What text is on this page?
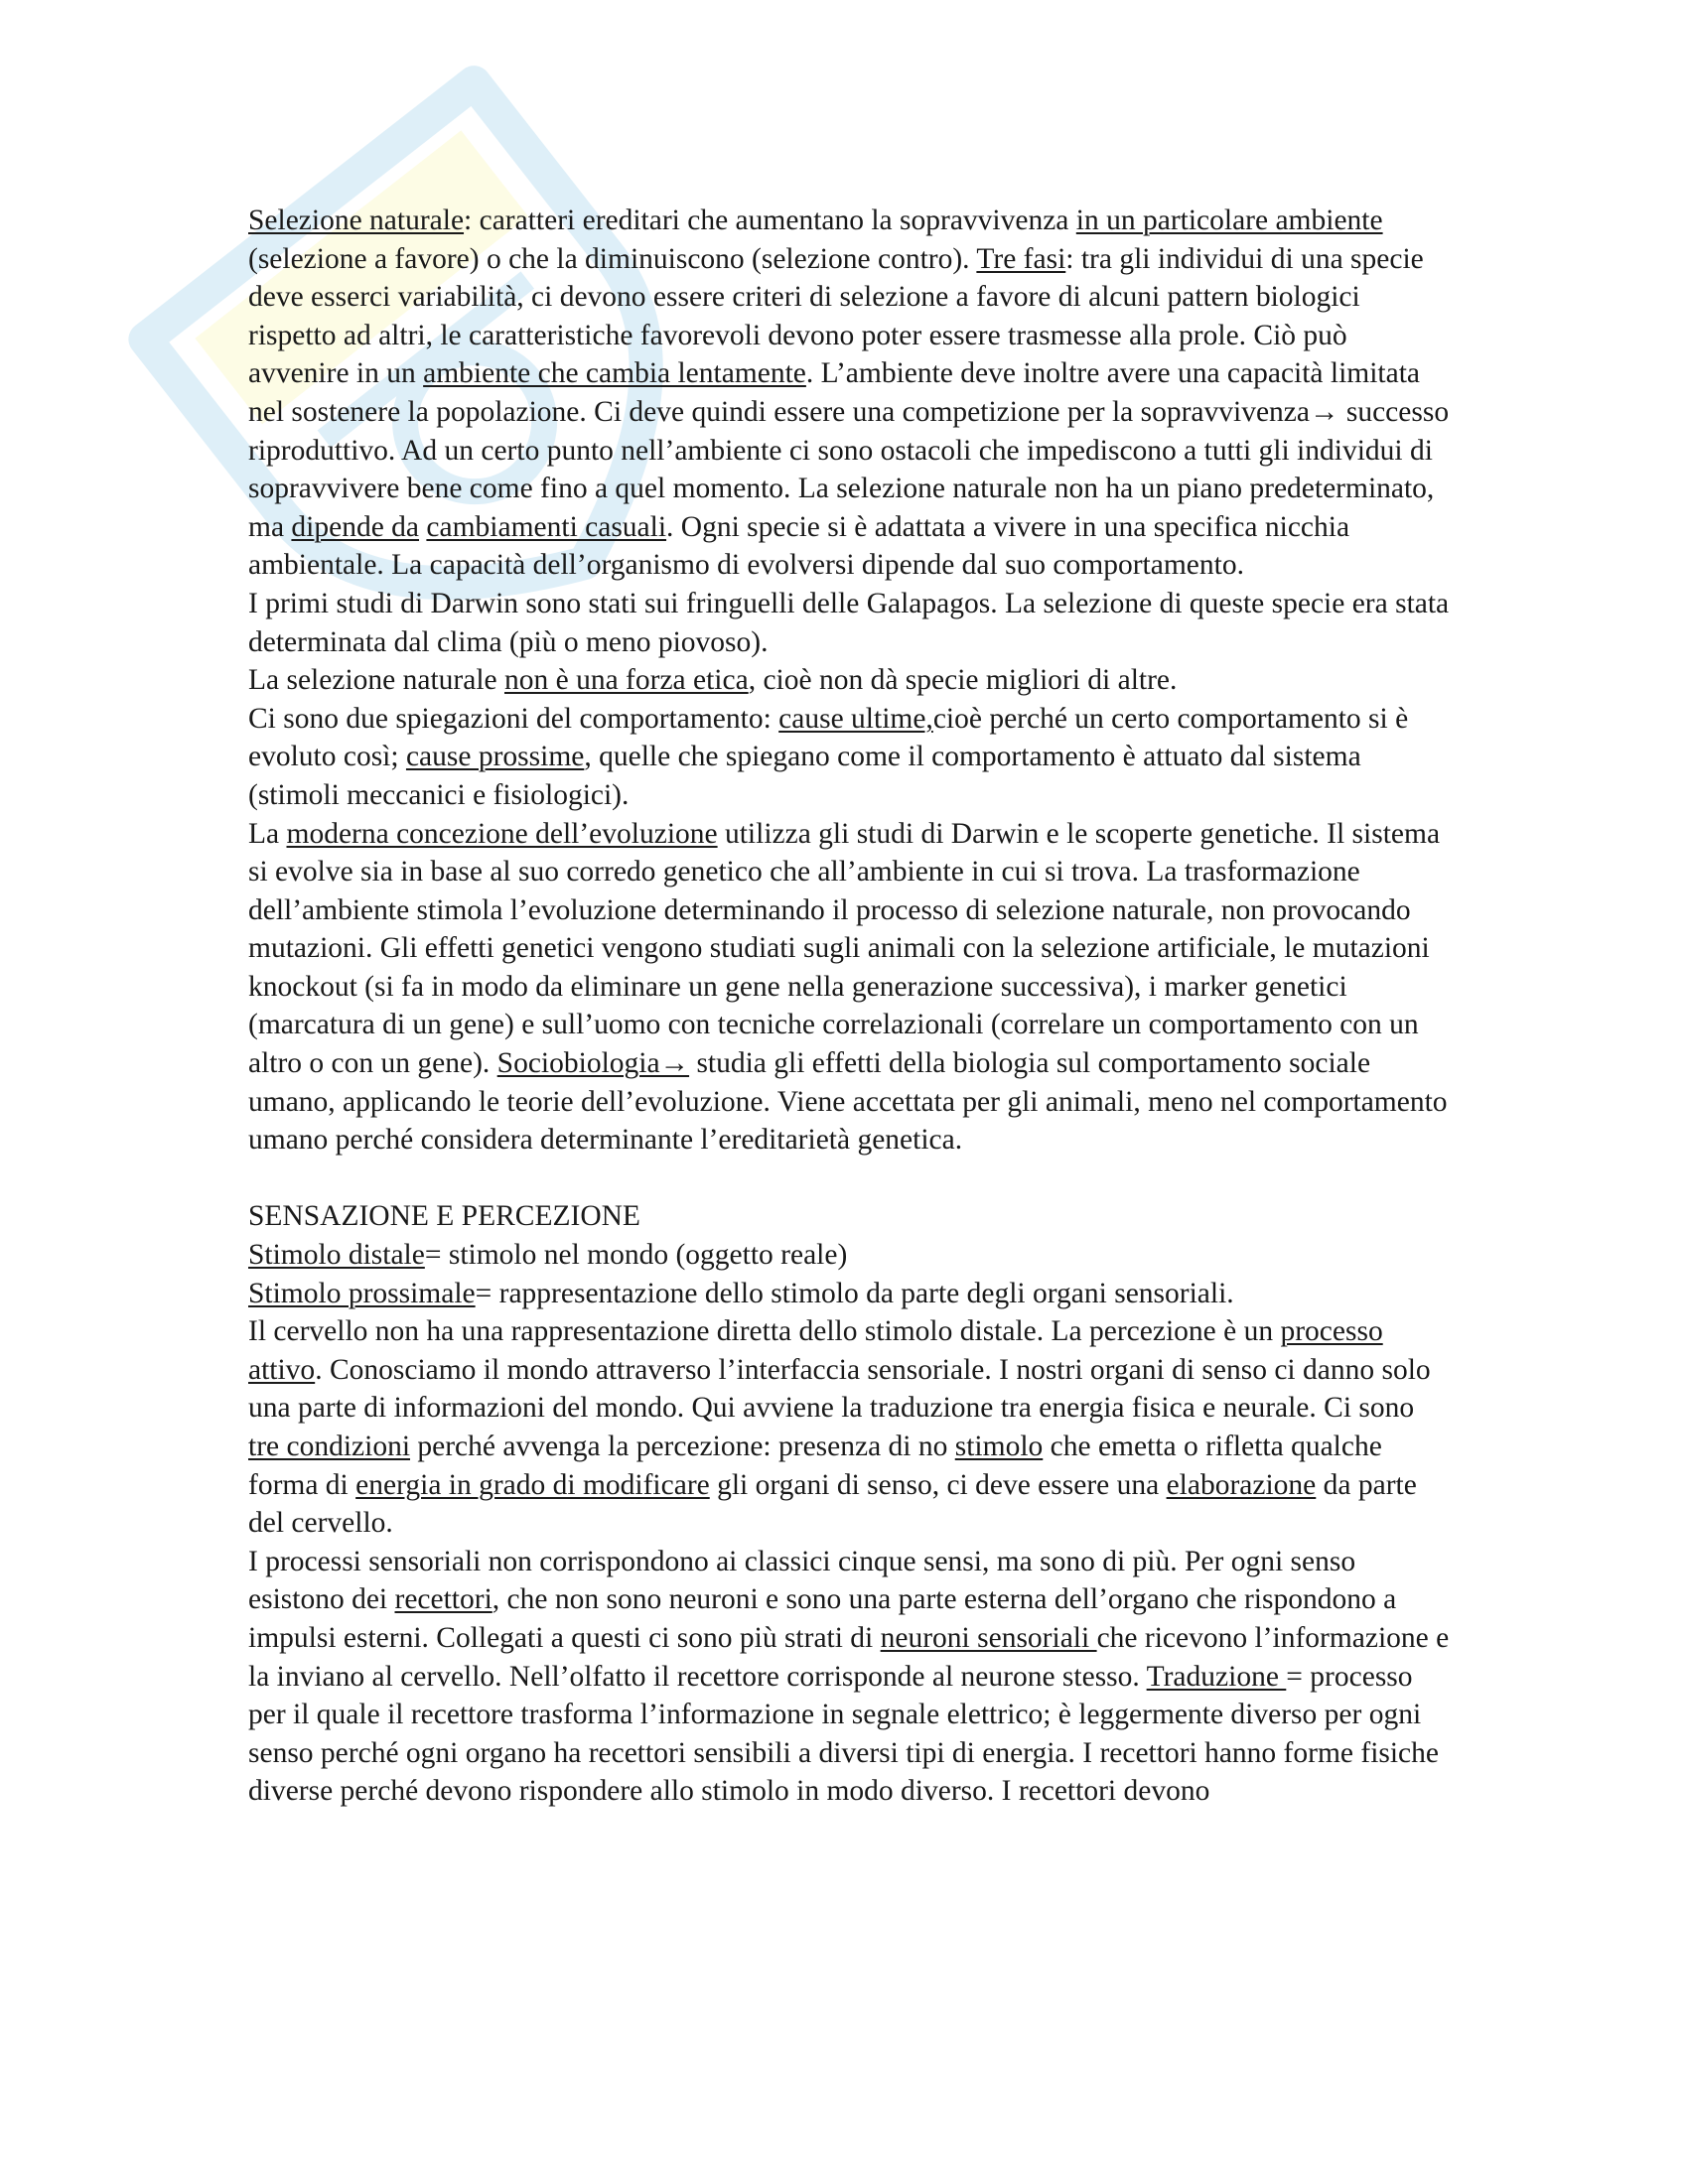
Selezione naturale: caratteri ereditari che aumentano la sopravvivenza in un particolare ambiente (selezione a favore) o che la diminuiscono (selezione contro). Tre fasi: tra gli individui di una specie deve esserci variabilità, ci devono essere criteri di selezione a favore di alcuni pattern biologici rispetto ad altri, le caratteristiche favorevoli devono poter essere trasmesse alla prole. Ciò può avvenire in un ambiente che cambia lentamente. L’ambiente deve inoltre avere una capacità limitata nel sostenere la popolazione. Ci deve quindi essere una competizione per la sopravvivenza→ successo riproduttivo. Ad un certo punto nell’ambiente ci sono ostacoli che impediscono a tutti gli individui di sopravvivere bene come fino a quel momento. La selezione naturale non ha un piano predeterminato, ma dipende da cambiamenti casuali. Ogni specie si è adattata a vivere in una specifica nicchia ambientale. La capacità dell’organismo di evolversi dipende dal suo comportamento.

I primi studi di Darwin sono stati sui fringuelli delle Galapagos. La selezione di queste specie era stata determinata dal clima (più o meno piovoso).

La selezione naturale non è una forza etica, cioè non dà specie migliori di altre.

Ci sono due spiegazioni del comportamento: cause ultime,cioè perché un certo comportamento si è evoluto così; cause prossime, quelle che spiegano come il comportamento è attuato dal sistema (stimoli meccanici e fisiologici).

La moderna concezione dell’evoluzione utilizza gli studi di Darwin e le scoperte genetiche. Il sistema si evolve sia in base al suo corredo genetico che all’ambiente in cui si trova. La trasformazione dell’ambiente stimola l’evoluzione determinando il processo di selezione naturale, non provocando mutazioni. Gli effetti genetici vengono studiati sugli animali con la selezione artificiale, le mutazioni knockout (si fa in modo da eliminare un gene nella generazione successiva), i marker genetici (marcatura di un gene) e sull’uomo con tecniche correlazionali (correlare un comportamento con un altro o con un gene). Sociobiologia→ studia gli effetti della biologia sul comportamento sociale umano, applicando le teorie dell’evoluzione. Viene accettata per gli animali, meno nel comportamento umano perché considera determinante l’ereditarietà genetica.

SENSAZIONE E PERCEZIONE

Stimolo distale= stimolo nel mondo (oggetto reale)

Stimolo prossimale= rappresentazione dello stimolo da parte degli organi sensoriali.

Il cervello non ha una rappresentazione diretta dello stimolo distale. La percezione è un processo attivo. Conosciamo il mondo attraverso l’interfaccia sensoriale. I nostri organi di senso ci danno solo una parte di informazioni del mondo. Qui avviene la traduzione tra energia fisica e neurale. Ci sono tre condizioni perché avvenga la percezione: presenza di no stimolo che emetta o rifletta qualche forma di energia in grado di modificare gli organi di senso, ci deve essere una elaborazione da parte del cervello.

I processi sensoriali non corrispondono ai classici cinque sensi, ma sono di più. Per ogni senso esistono dei recettori, che non sono neuroni e sono una parte esterna dell’organo che rispondono a impulsi esterni. Collegati a questi ci sono più strati di neuroni sensoriali che ricevono l’informazione e la inviano al cervello. Nell’olfatto il recettore corrisponde al neurone stesso. Traduzione = processo per il quale il recettore trasforma l’informazione in segnale elettrico; è leggermente diverso per ogni senso perché ogni organo ha recettori sensibili a diversi tipi di energia. I recettori hanno forme fisiche diverse perché devono rispondere allo stimolo in modo diverso. I recettori devono
